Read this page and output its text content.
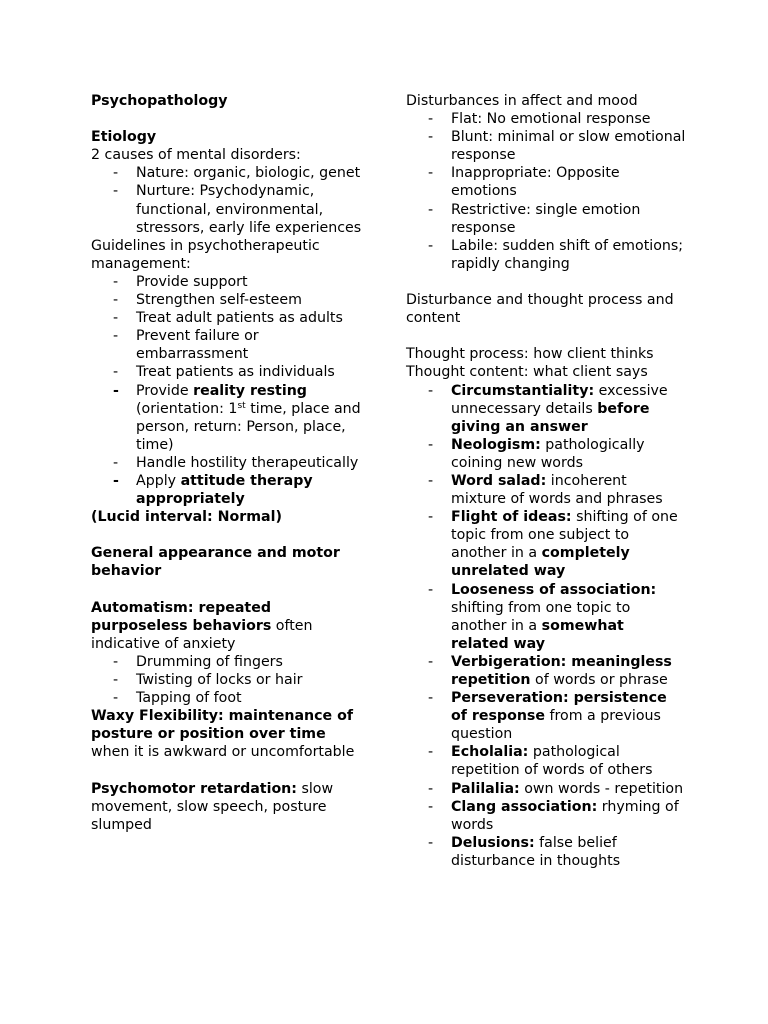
Psychopathology

Etiology

2 causes of mental disorders:

- Nature: organic, biologic, genet
- Nurture: Psychodynamic, functional, environmental, stressors, early life experiences

Guidelines in psychotherapeutic management:

- Provide support
- Strengthen self-esteem
- Treat adult patients as adults
- Prevent failure or embarrassment
- Treat patients as individuals
- Provide reality resting
(orientation: 1st time, place and person, return: Person, place, time)
- Handle hostility therapeutically
- Apply attitude therapy appropriately

(Lucid interval: Normal)

General appearance and motor behavior

Automatism: repeated purposeless behaviors often indicative of anxiety

- Drumming of fingers
- Twisting of locks or hair
- Tapping of foot

Waxy Flexibility: maintenance of posture or position over time when it is awkward or uncomfortable

Psychomotor retardation: slow movement, slow speech, posture slumped

Disturbances in affect and mood

- Flat: No emotional response
- Blunt: minimal or slow emotional response
- Inappropriate: Opposite emotions
- Restrictive: single emotion response
- Labile: sudden shift of emotions; rapidly changing

Disturbance and thought process and content

Thought process: how client thinks

Thought content: what client says

- Circumstantiality: excessive unnecessary details before giving an answer
- Neologism: pathologically coining new words
- Word salad: incoherent mixture of words and phrases
- Flight of ideas: shifting of one topic from one subject to another in a completely unrelated way
- Looseness of association: shifting from one topic to another in a somewhat related way
- Verbigeration: meaningless repetition of words or phrase
- Perseveration: persistence of response from a previous question
- Echolalia: pathological repetition of words of others
- Palilalia: own words - repetition
- Clang association: rhyming of words
- Delusions: false belief disturbance in thoughts
